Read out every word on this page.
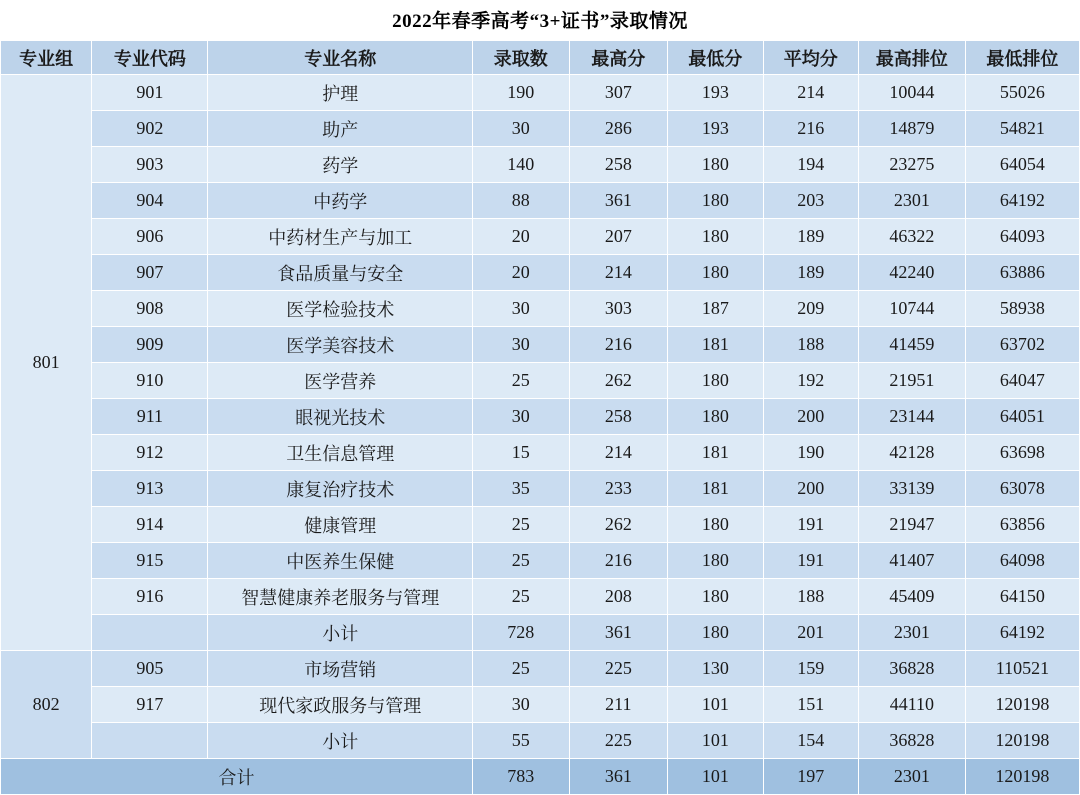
2022年春季高考“3+证书”录取情况
专业组	专业代码	专业名称	录取数	最高分	最低分	平均分	最高排位	最低排位
801	901	护理	190	307	193	214	10044	55026
	902	助产	30	286	193	216	14879	54821
	903	药学	140	258	180	194	23275	64054
	904	中药学	88	361	180	203	2301	64192
	906	中药材生产与加工	20	207	180	189	46322	64093
	907	食品质量与安全	20	214	180	189	42240	63886
	908	医学检验技术	30	303	187	209	10744	58938
	909	医学美容技术	30	216	181	188	41459	63702
	910	医学营养	25	262	180	192	21951	64047
	911	眼视光技术	30	258	180	200	23144	64051
	912	卫生信息管理	15	214	181	190	42128	63698
	913	康复治疗技术	35	233	181	200	33139	63078
	914	健康管理	25	262	180	191	21947	63856
	915	中医养生保健	25	216	180	191	41407	64098
	916	智慧健康养老服务与管理	25	208	180	188	45409	64150
		小计	728	361	180	201	2301	64192
802	905	市场营销	25	225	130	159	36828	110521
	917	现代家政服务与管理	30	211	101	151	44110	120198
		小计	55	225	101	154	36828	120198
合计			783	361	101	197	2301	120198
